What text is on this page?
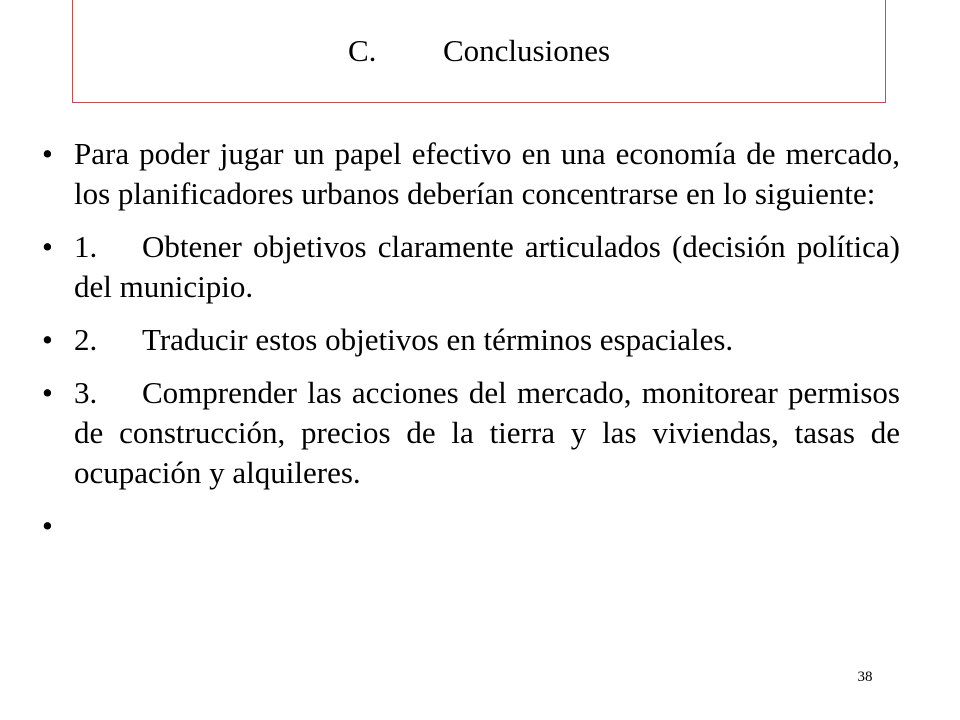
C. Conclusiones
• Para poder jugar un papel efectivo en una economía de mercado, los planificadores urbanos deberían concentrarse en lo siguiente:
• 1. Obtener objetivos claramente articulados (decisión política) del municipio.
• 2. Traducir estos objetivos en términos espaciales.
• 3. Comprender las acciones del mercado, monitorear permisos de construcción, precios de la tierra y las viviendas, tasas de ocupación y alquileres.
•
38
